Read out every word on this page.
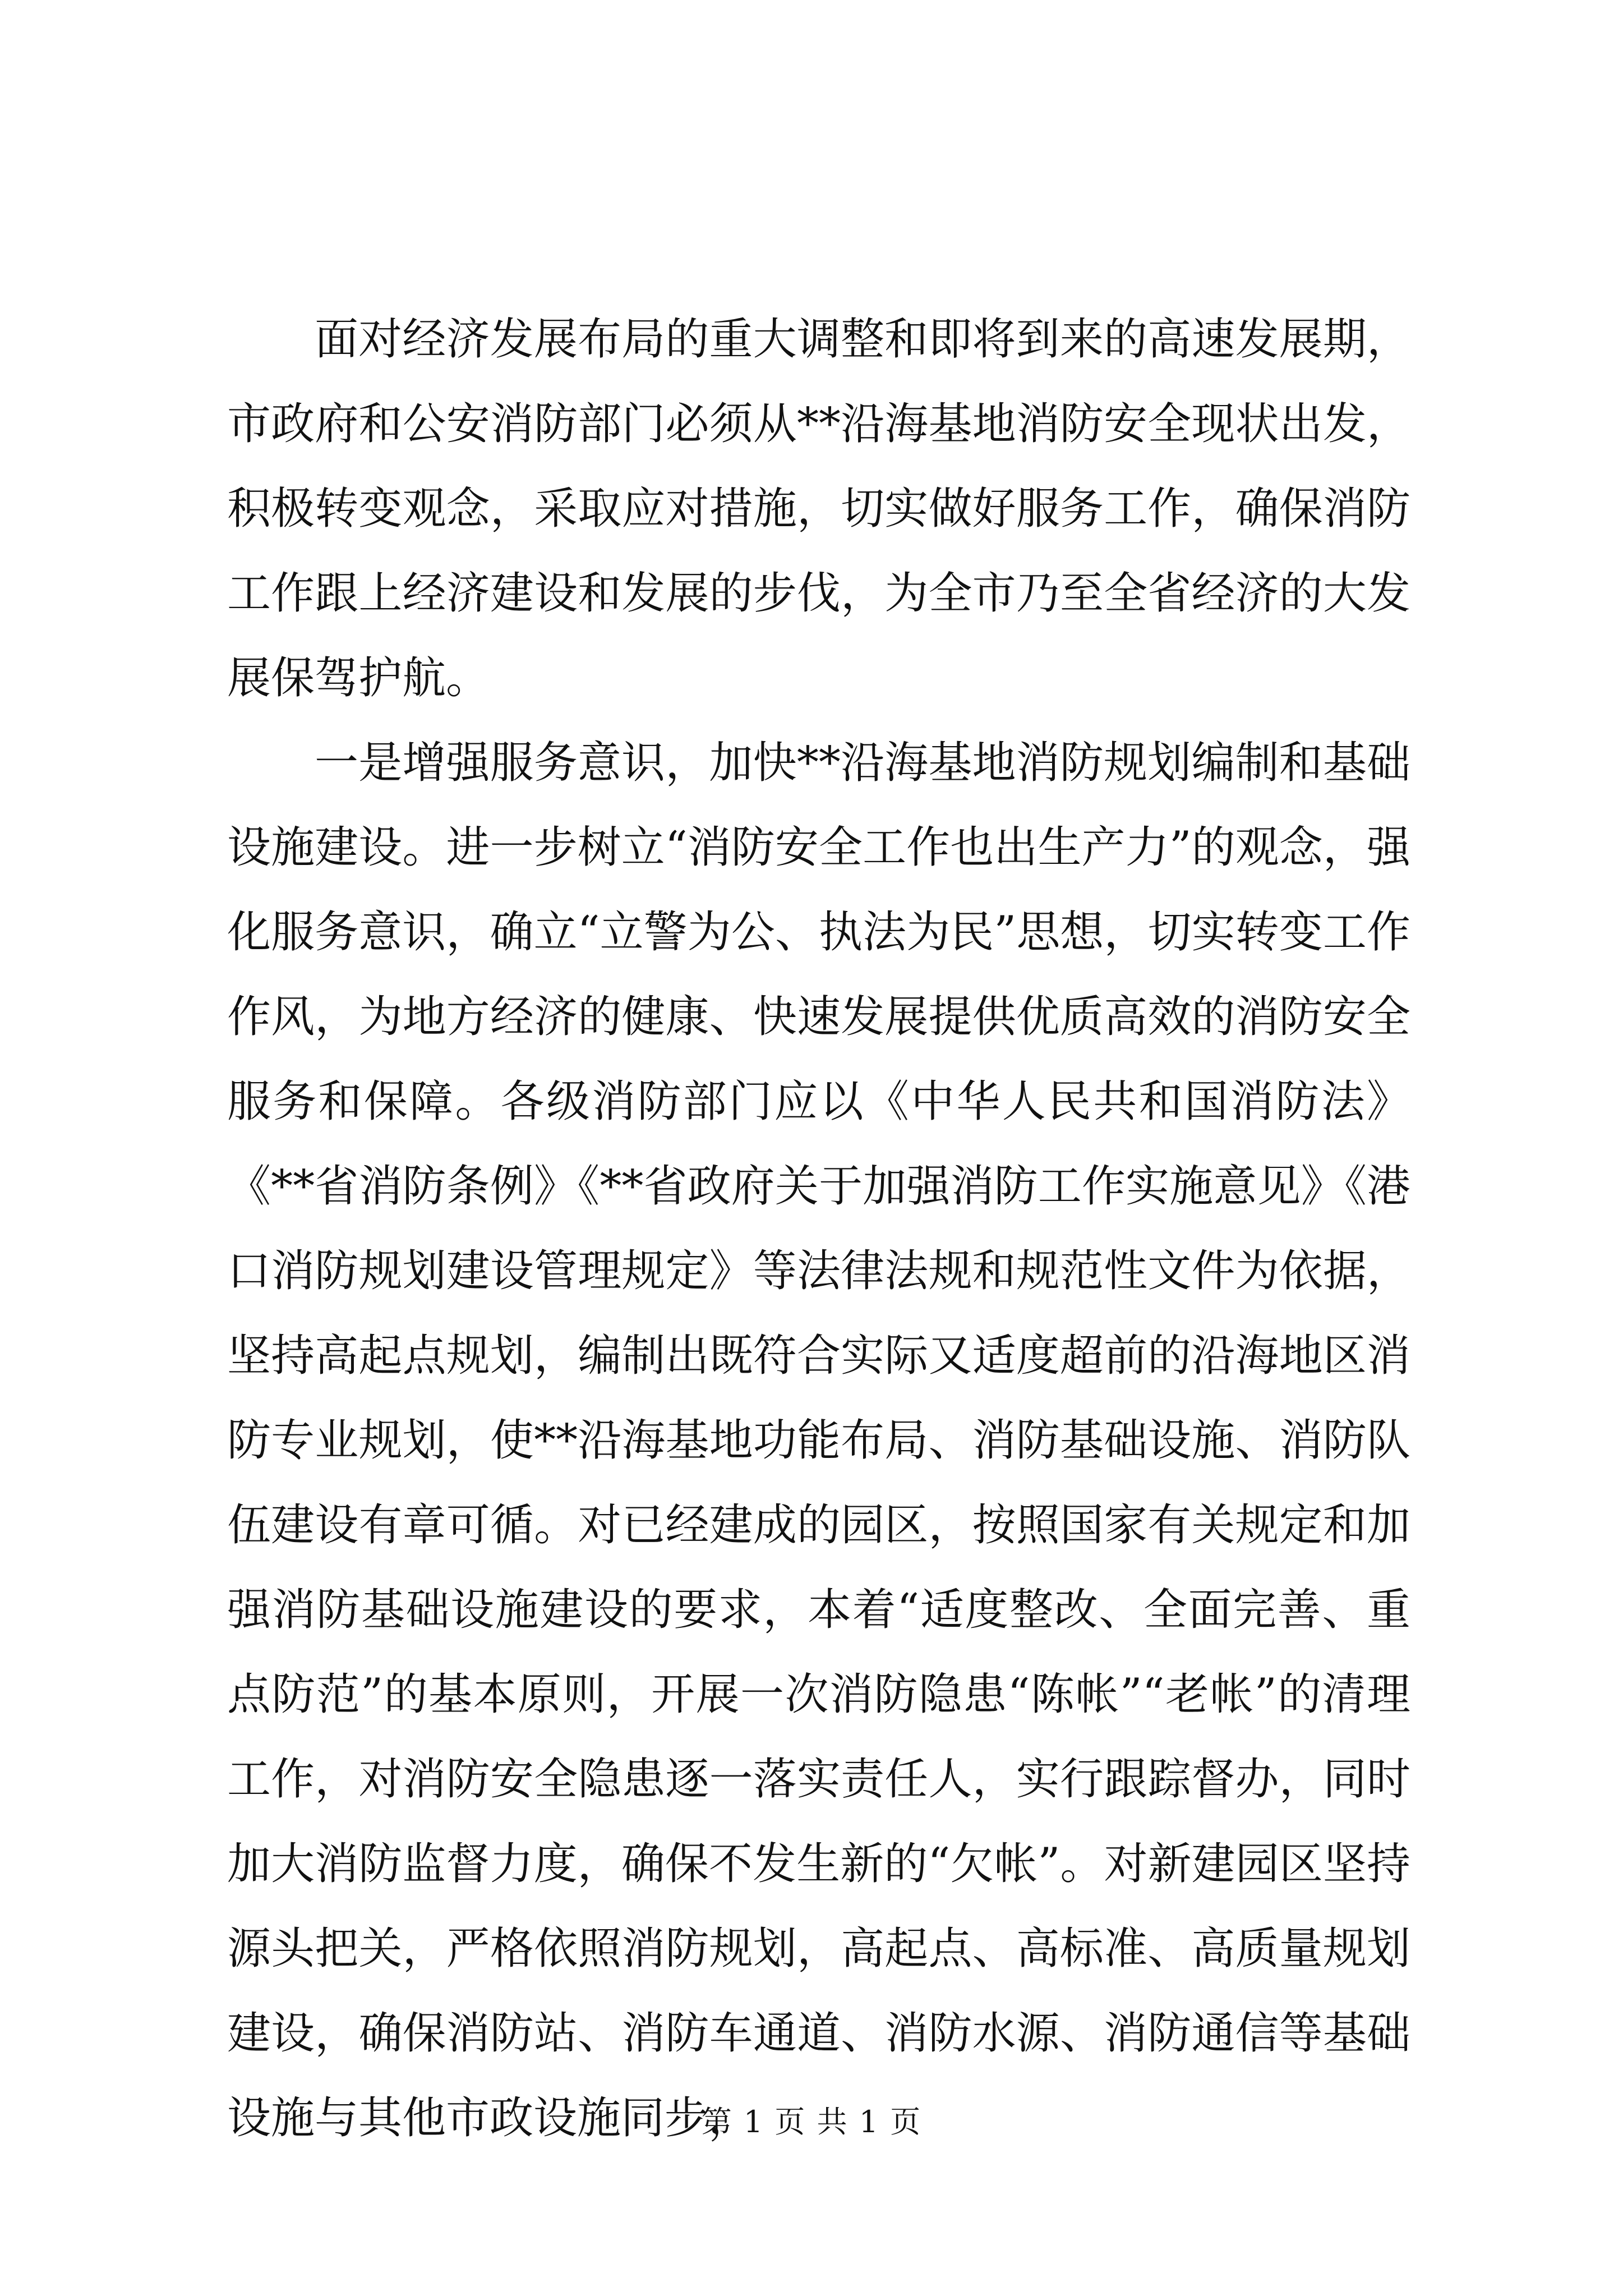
面对经济发展布局的重大调整和即将到来的高速发展期，市政府和公安消防部门必须从**沿海基地消防安全现状出发，积极转变观念，采取应对措施，切实做好服务工作，确保消防工作跟上经济建设和发展的步伐，为全市乃至全省经济的大发展保驾护航。

一是增强服务意识，加快**沿海基地消防规划编制和基础设施建设。进一步树立“消防安全工作也出生产力”的观念，强化服务意识，确立“立警为公、执法为民”思想，切实转变工作作风，为地方经济的健康、快速发展提供优质高效的消防安全服务和保障。各级消防部门应以《中华人民共和国消防法》《**省消防条例》《**省政府关于加强消防工作实施意见》《港口消防规划建设管理规定》等法律法规和规范性文件为依据，坚持高起点规划，编制出既符合实际又适度超前的沿海地区消防专业规划，使**沿海基地功能布局、消防基础设施、消防队伍建设有章可循。对已经建成的园区，按照国家有关规定和加强消防基础设施建设的要求，本着“适度整改、全面完善、重点防范”的基本原则，开展一次消防隐患“陈帐”“老帐”的清理工作，对消防安全隐患逐一落实责任人，实行跟踪督办，同时加大消防监督力度，确保不发生新的“欠帐”。对新建园区坚持源头把关，严格依照消防规划，高起点、高标准、高质量规划建设，确保消防站、消防车通道、消防水源、消防通信等基础设施与其他市政设施同步，

第 1 页 共 1 页
